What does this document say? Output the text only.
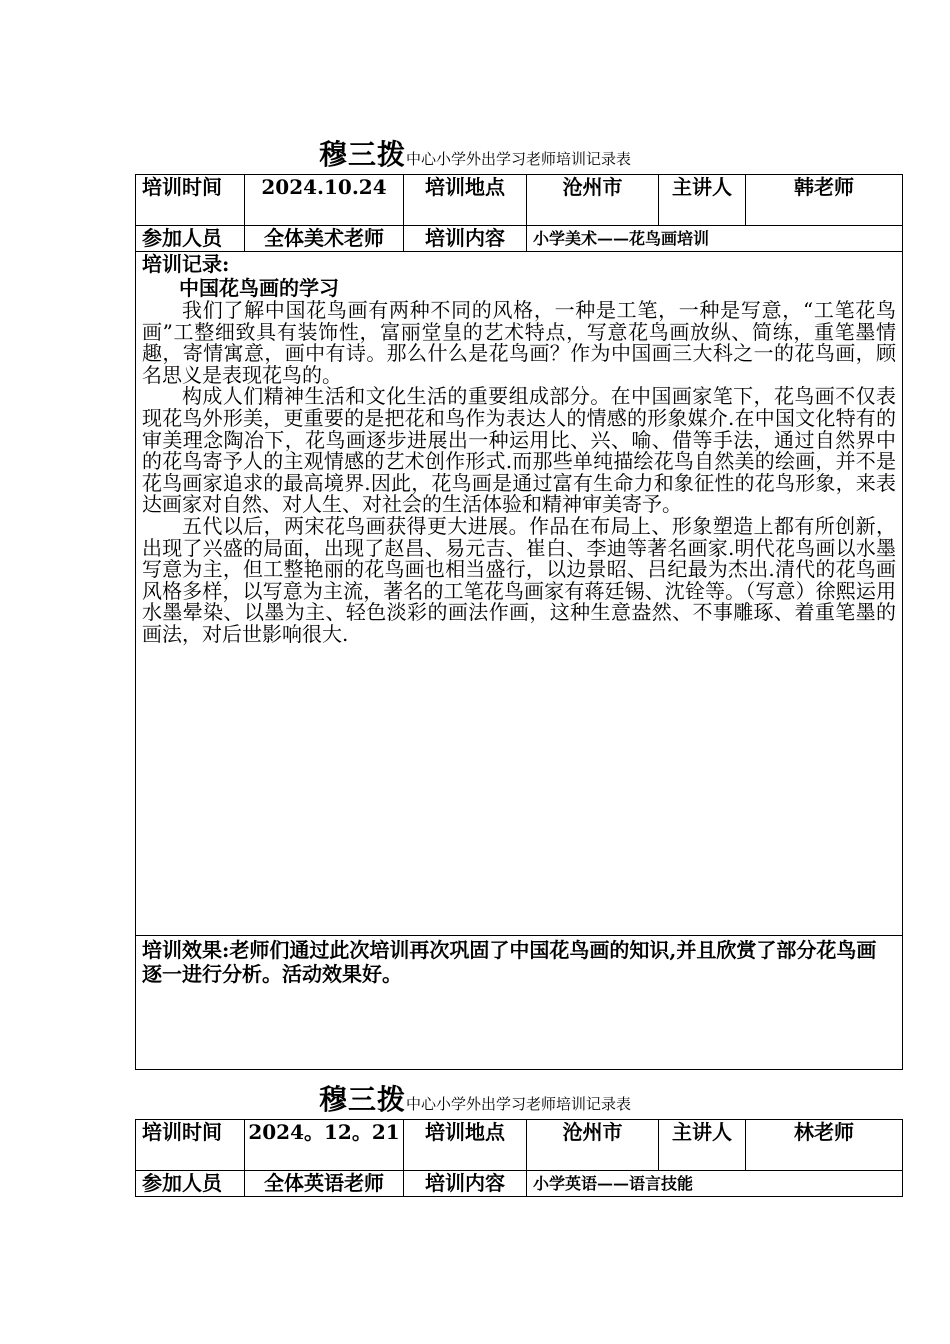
穆三拨中心小学外出学习老师培训记录表
培训时间	2024.10.24	培训地点	沧州市	主讲人	韩老师
参加人员	全体美术老师	培训内容	小学美术——花鸟画培训		

培训记录:
中国花鸟画的学习

我们了解中国花鸟画有两种不同的风格，一种是工笔，一种是写意，“工笔花鸟画”工整细致具有装饰性，富丽堂皇的艺术特点，写意花鸟画放纵、简练，重笔墨情趣，寄情寓意，画中有诗。那么什么是花鸟画？作为中国画三大科之一的花鸟画，顾名思义是表现花鸟的。

构成人们精神生活和文化生活的重要组成部分。在中国画家笔下，花鸟画不仅表现花鸟外形美，更重要的是把花和鸟作为表达人的情感的形象媒介.在中国文化特有的审美理念陶冶下，花鸟画逐步进展出一种运用比、兴、喻、借等手法，通过自然界中的花鸟寄予人的主观情感的艺术创作形式.而那些单纯描绘花鸟自然美的绘画，并不是花鸟画家追求的最高境界.因此，花鸟画是通过富有生命力和象征性的花鸟形象，来表达画家对自然、对人生、对社会的生活体验和精神审美寄予。

五代以后，两宋花鸟画获得更大进展。作品在布局上、形象塑造上都有所创新，出现了兴盛的局面，出现了赵昌、易元吉、崔白、李迪等著名画家.明代花鸟画以水墨写意为主，但工整艳丽的花鸟画也相当盛行，以边景昭、吕纪最为杰出.清代的花鸟画风格多样，以写意为主流，著名的工笔花鸟画家有蒋廷锡、沈铨等。（写意）徐熙运用水墨晕染、以墨为主、轻色淡彩的画法作画，这种生意盎然、不事雕琢、着重笔墨的画法，对后世影响很大.					

培训效果:老师们通过此次培训再次巩固了中国花鸟画的知识,并且欣赏了部分花鸟画逐一进行分析。活动效果好。					
穆三拨中心小学外出学习老师培训记录表
培训时间	2024。12。21	培训地点	沧州市	主讲人	林老师
参加人员	全体英语老师	培训内容	小学英语——语言技能		
